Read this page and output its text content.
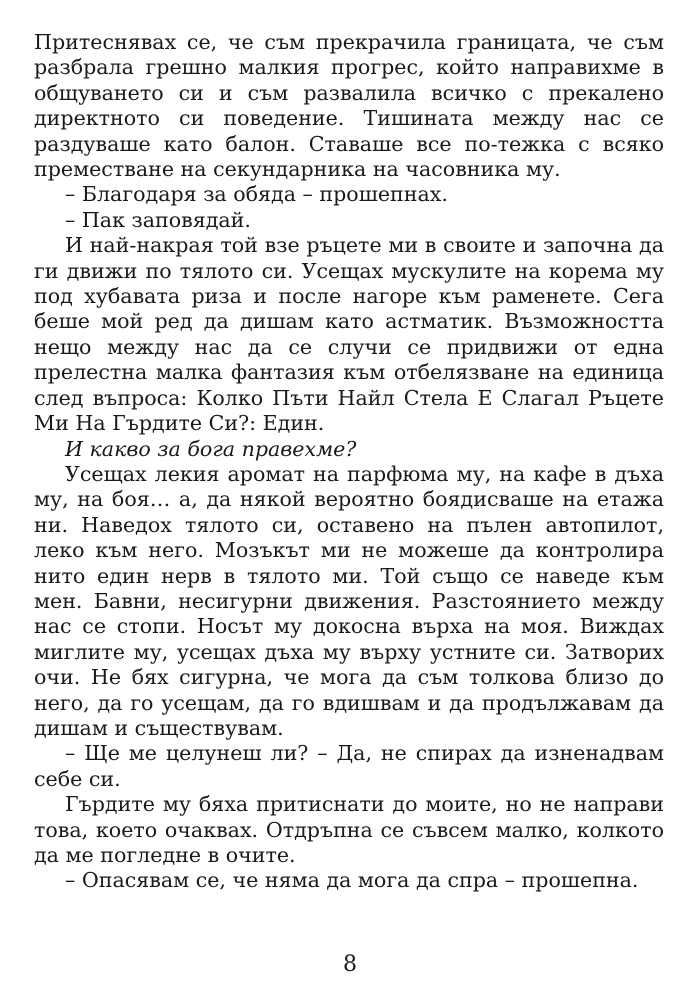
Притеснявах се, че съм прекрачила границата, че съм разбрала грешно малкия прогрес, който направихме в общуването си и съм развалила всичко с прекалено директното си поведение. Тишината между нас се раздуваше като балон. Ставаше все по-тежка с всяко преместване на секундарника на часовника му.

– Благодаря за обяда – прошепнах.

– Пак заповядай.

И най-накрая той взе ръцете ми в своите и започна да ги движи по тялото си. Усещах мускулите на корема му под хубавата риза и после нагоре към раменете. Сега беше мой ред да дишам като астматик. Възможността нещо между нас да се случи се придвижи от една прелестна малка фантазия към отбелязване на единица след въпроса: Колко Пъти Найл Стела Е Слагал Ръцете Ми На Гърдите Си?: Един.

И какво за бога правехме?

Усещах лекия аромат на парфюма му, на кафе в дъха му, на боя… а, да някой вероятно боядисваше на етажа ни. Наведох тялото си, оставено на пълен автопилот, леко към него. Мозъкът ми не можеше да контролира нито един нерв в тялото ми. Той също се наведе към мен. Бавни, несигурни движения. Разстоянието между нас се стопи. Носът му докосна върха на моя. Виждах миглите му, усещах дъха му върху устните си. Затворих очи. Не бях сигурна, че мога да съм толкова близо до него, да го усещам, да го вдишвам и да продължавам да дишам и съществувам.

– Ще ме целунеш ли? – Да, не спирах да изненадвам себе си.

Гърдите му бяха притиснати до моите, но не направи това, което очаквах. Отдръпна се съвсем малко, колкото да ме погледне в очите.

– Опасявам се, че няма да мога да спра – прошепна.

8
